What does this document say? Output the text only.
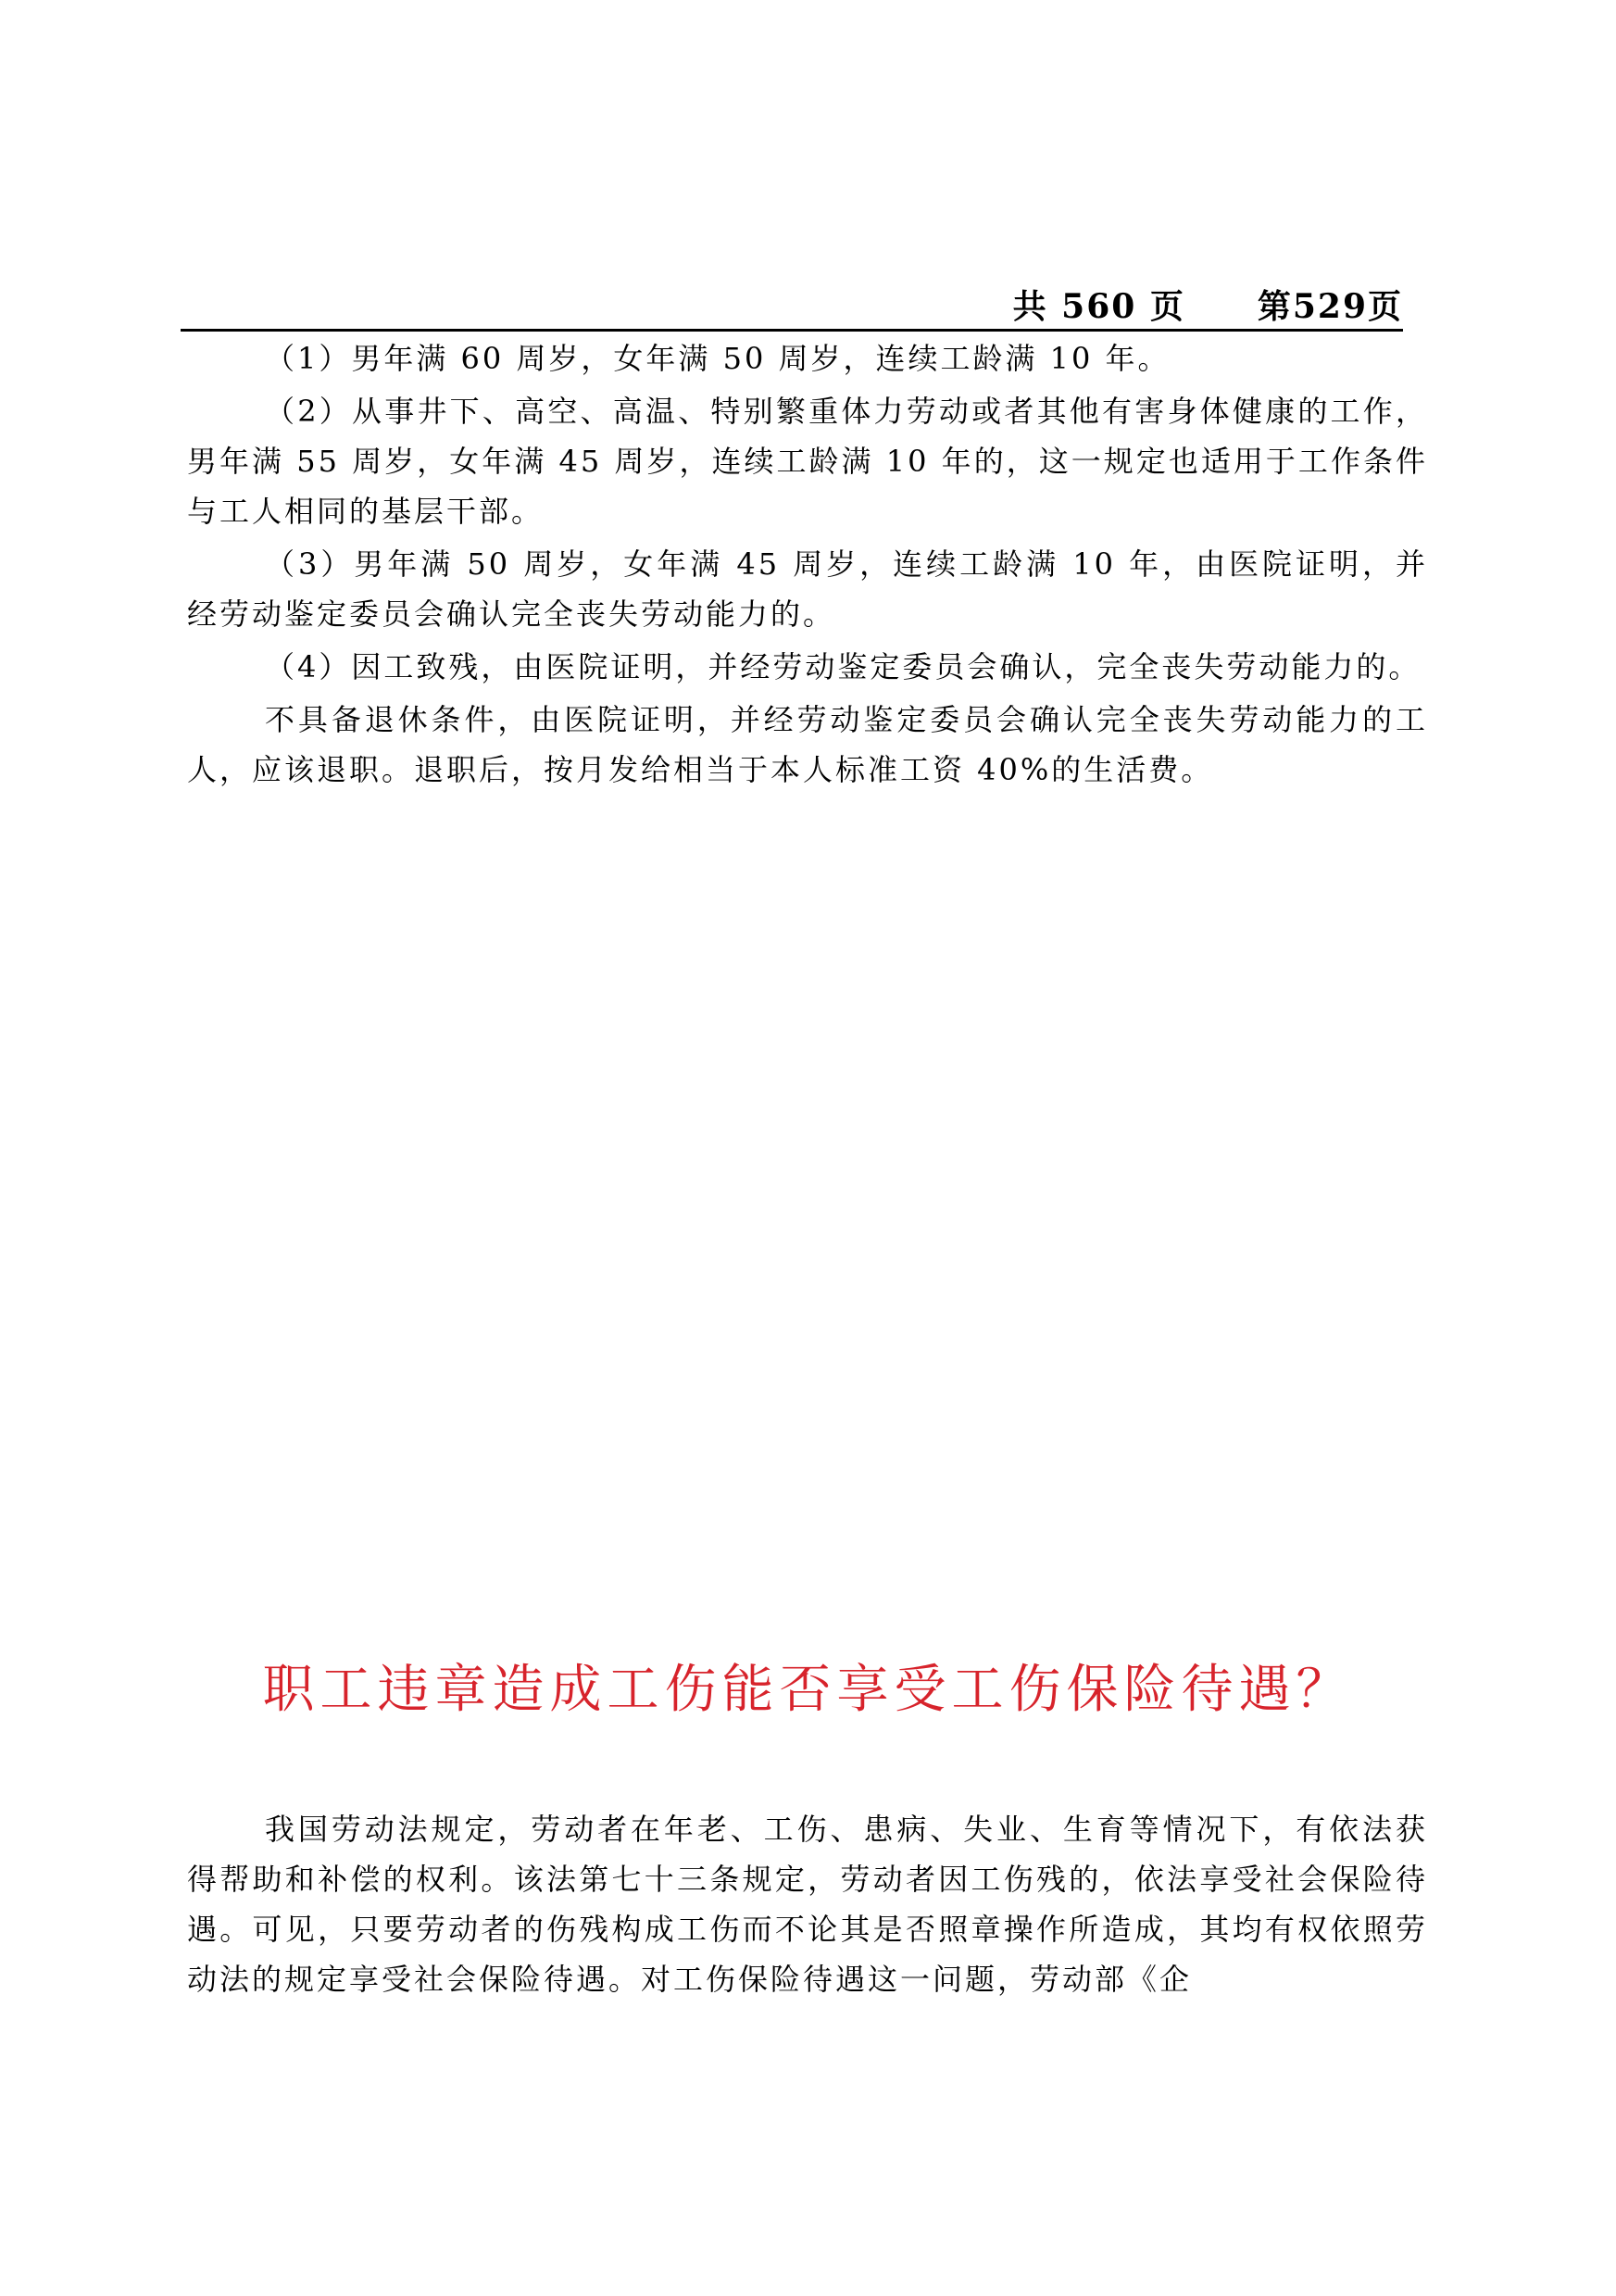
共 560 页 第529页

（1）男年满 60 周岁，女年满 50 周岁，连续工龄满 10 年。

（2）从事井下、高空、高温、特别繁重体力劳动或者其他有害身体健康的工作，男年满 55 周岁，女年满 45 周岁，连续工龄满 10 年的，这一规定也适用于工作条件与工人相同的基层干部。

（3）男年满 50 周岁，女年满 45 周岁，连续工龄满 10 年，由医院证明，并经劳动鉴定委员会确认完全丧失劳动能力的。

（4）因工致残，由医院证明，并经劳动鉴定委员会确认，完全丧失劳动能力的。

不具备退休条件，由医院证明，并经劳动鉴定委员会确认完全丧失劳动能力的工人，应该退职。退职后，按月发给相当于本人标准工资 40%的生活费。

职工违章造成工伤能否享受工伤保险待遇？

我国劳动法规定，劳动者在年老、工伤、患病、失业、生育等情况下，有依法获得帮助和补偿的权利。该法第七十三条规定，劳动者因工伤残的，依法享受社会保险待遇。可见，只要劳动者的伤残构成工伤而不论其是否照章操作所造成，其均有权依照劳动法的规定享受社会保险待遇。对工伤保险待遇这一问题，劳动部《企
